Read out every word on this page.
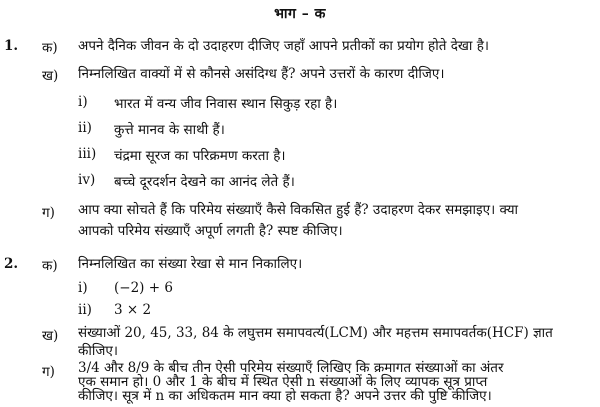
भाग – क
1. क) अपने दैनिक जीवन के दो उदाहरण दीजिए जहाँ आपने प्रतीकों का प्रयोग होते देखा है।
ख) निम्नलिखित वाक्यों में से कौनसे असंदिग्ध हैं? अपने उत्तरों के कारण दीजिए।
i) भारत में वन्य जीव निवास स्थान सिकुड़ रहा है।
ii) कुत्ते मानव के साथी हैं।
iii) चंद्रमा सूरज का परिक्रमण करता है।
iv) बच्चे दूरदर्शन देखने का आनंद लेते हैं।
ग) आप क्या सोचते हैं कि परिमेय संख्याएँ कैसे विकसित हुई हैं? उदाहरण देकर समझाइए। क्या
आपको परिमेय संख्याएँ अपूर्ण लगती है? स्पष्ट कीजिए।
2. क) निम्नलिखित का संख्या रेखा से मान निकालिए।
i) (−2) + 6
ii) 3 × 2
ख) संख्याओं 20, 45, 33, 84 के लघुत्तम समापवर्त्य(LCM) और महत्तम समापवर्तक(HCF) ज्ञात
कीजिए।
ग) 3/4 और 8/9 के बीच तीन ऐसी परिमेय संख्याएँ लिखिए कि क्रमागत संख्याओं का अंतर
एक समान हो। 0 और 1 के बीच में स्थित ऐसी n संख्याओं के लिए व्यापक सूत्र प्राप्त
कीजिए। सूत्र में n का अधिकतम मान क्या हो सकता है? अपने उत्तर की पुष्टि कीजिए।
